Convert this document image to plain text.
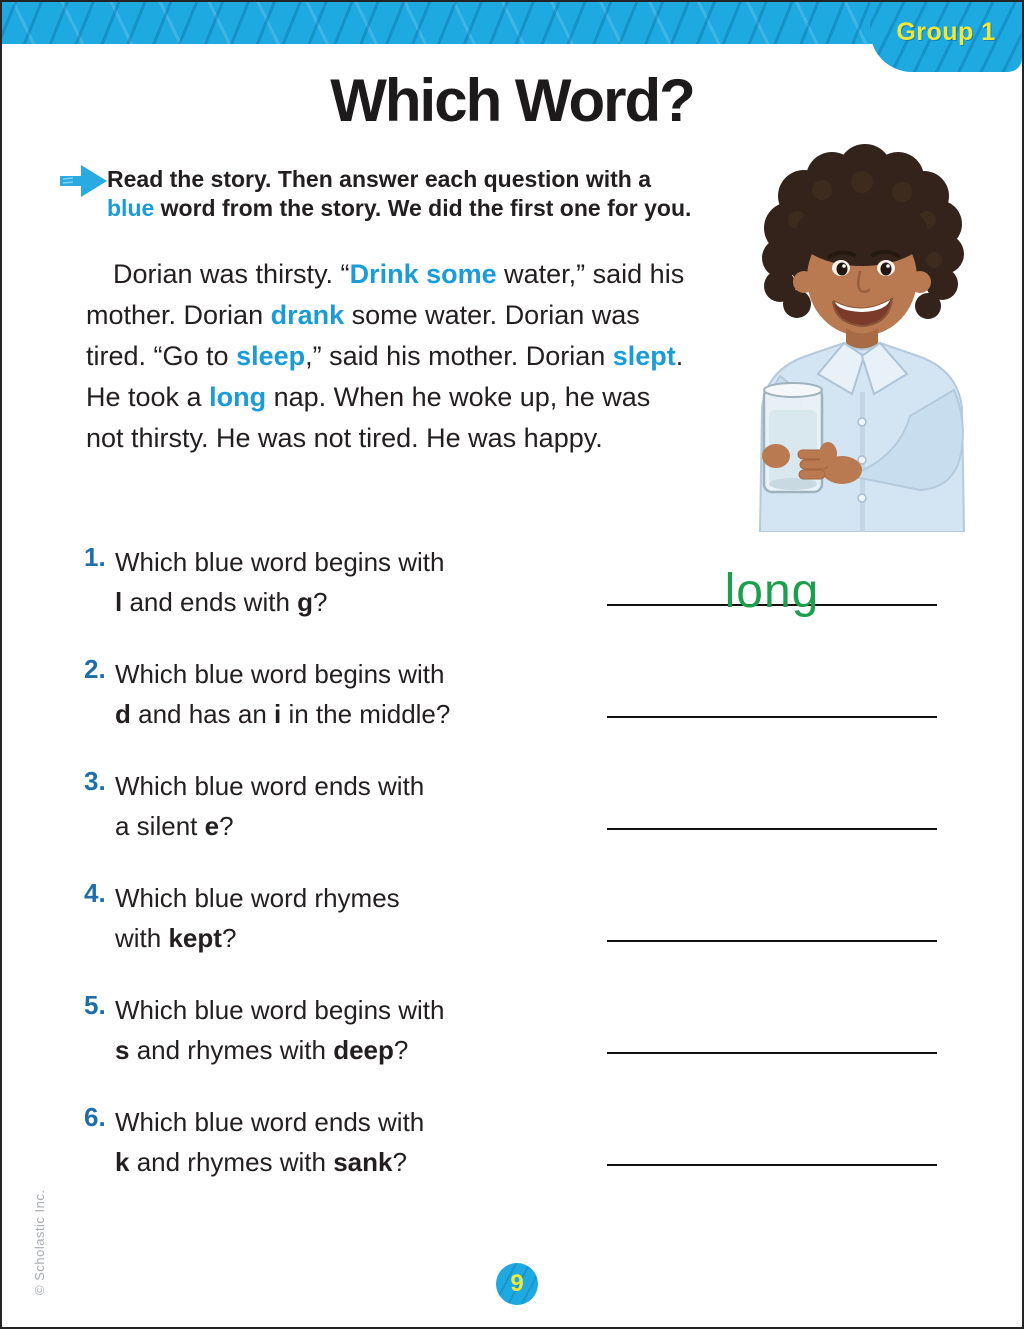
Group 1
Which Word?
Read the story. Then answer each question with a
blue word from the story. We did the first one for you.
Dorian was thirsty. “Drink some water,” said his
mother. Dorian drank some water. Dorian was
tired. “Go to sleep,” said his mother. Dorian slept.
He took a long nap. When he woke up, he was
not thirsty. He was not tired. He was happy.
1. Which blue word begins with
l and ends with g?	long
2. Which blue word begins with
d and has an i in the middle?
3. Which blue word ends with
a silent e?
4. Which blue word rhymes
with kept?
5. Which blue word begins with
s and rhymes with deep?
6. Which blue word ends with
k and rhymes with sank?
© Scholastic Inc.	9
